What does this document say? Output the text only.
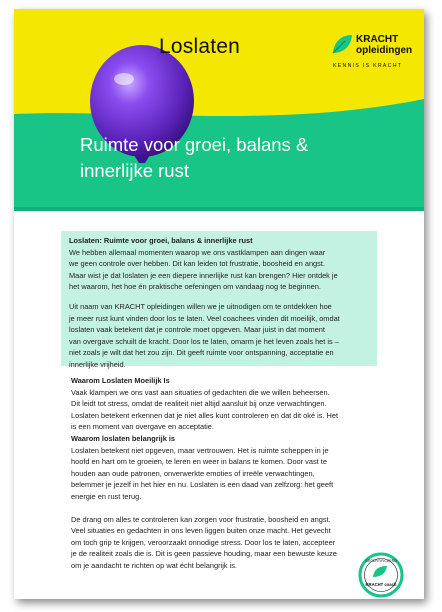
Loslaten	KRACHT
opleidingen
KENNIS IS KRACHT
Ruimte voor groei, balans & innerlijke rust

Loslaten: Ruimte voor groei, balans & innerlijke rust

We hebben allemaal momenten waarop we ons vastklampen aan dingen waar

we geen controle over hebben. Dit kan leiden tot frustratie, boosheid en angst.

Maar wist je dat loslaten je een diepere innerlijke rust kan brengen? Hier ontdek je

het waarom, het hoe én praktische oefeningen om vandaag nog te beginnen.

Uit naam van KRACHT opleidingen willen we je uitnodigen om te ontdekken hoe

je meer rust kunt vinden door los te laten. Veel coachees vinden dit moeilijk, omdat

loslaten vaak betekent dat je controle moet opgeven. Maar juist in dat moment

van overgave schuilt de kracht. Door los te laten, omarm je het leven zoals het is –

niet zoals je wilt dat het zou zijn. Dit geeft ruimte voor ontspanning, acceptatie en

innerlijke vrijheid.

Waarom Loslaten Moeilijk Is

Vaak klampen we ons vast aan situaties of gedachten die we willen beheersen.

Dit leidt tot stress, omdat de realiteit niet altijd aansluit bij onze verwachtingen.

Loslaten betekent erkennen dat je niet alles kunt controleren en dat dit oké is. Het

is een moment van overgave en acceptatie.

Waarom loslaten belangrijk is

Loslaten betekent niet opgeven, maar vertrouwen. Het is ruimte scheppen in je

hoofd en hart om te groeien, te leren en weer in balans te komen. Door vast te

houden aan oude patronen, onverwerkte emoties of irreële verwachtingen,

belemmer je jezelf in het hier en nu. Loslaten is een daad van zelfzorg: het geeft

energie en rust terug.

De drang om alles te controleren kan zorgen voor frustratie, boosheid en angst.

Veel situaties en gedachten in ons leven liggen buiten onze macht. Het gevecht

om toch grip te krijgen, veroorzaakt onnodige stress. Door los te laten, accepteer

je de realiteit zoals die is. Dit is geen passieve houding, maar een bewuste keuze

om je aandacht te richten op wat écht belangrijk is.	GECERTIFICEERD
KRACHT coach
